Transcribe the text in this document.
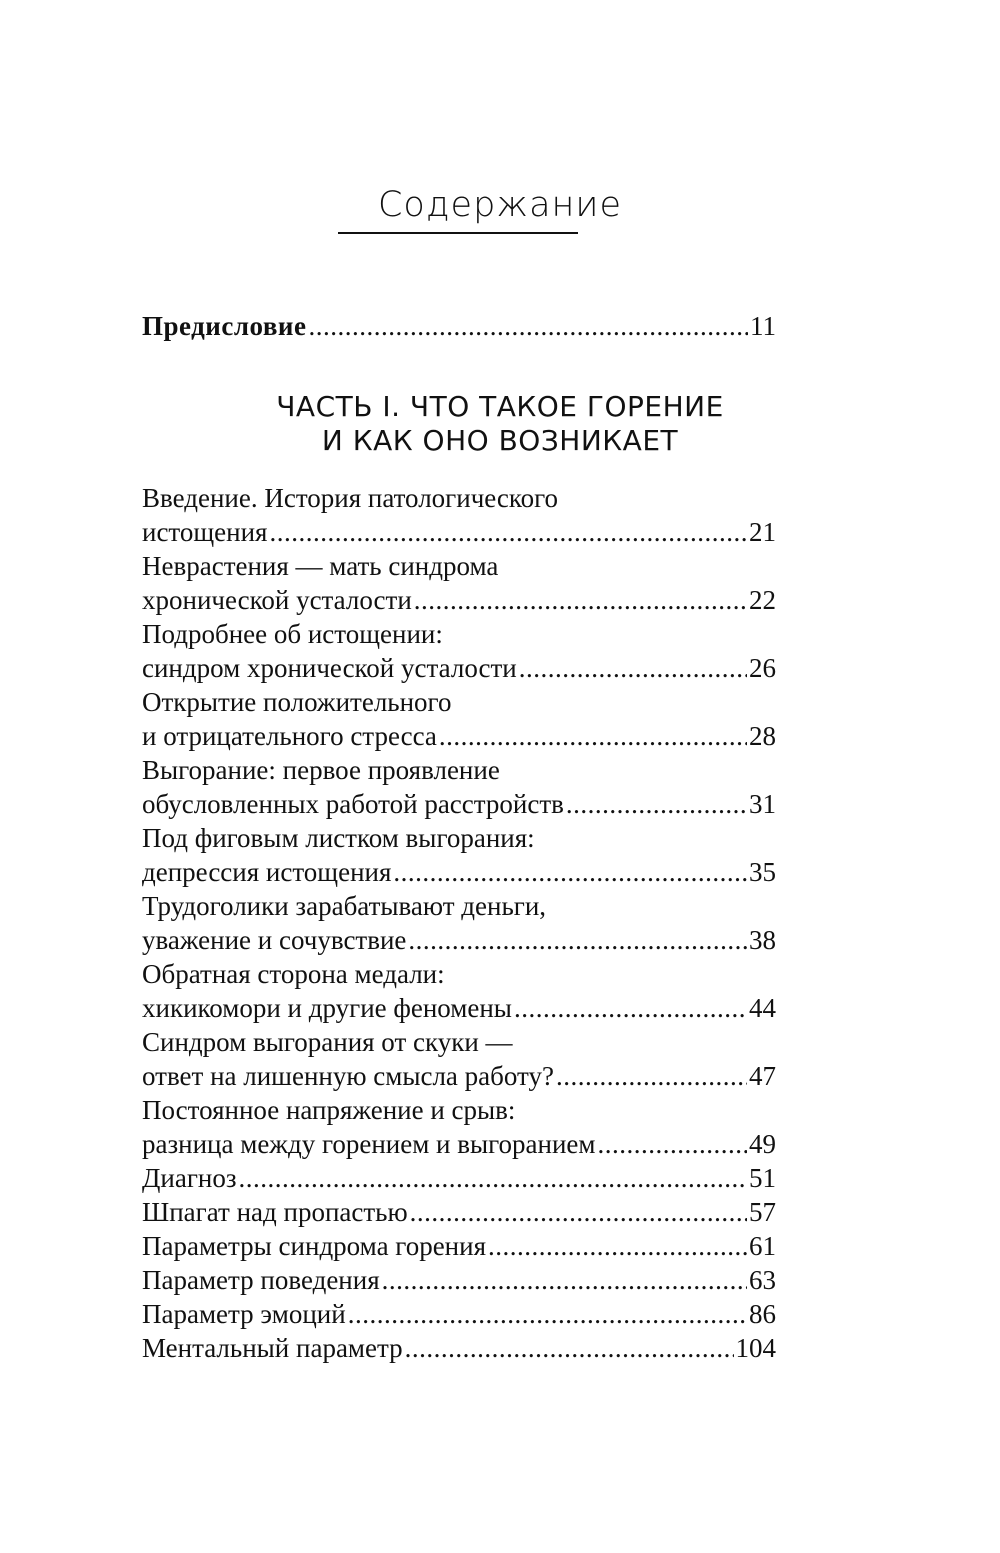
Содержание
Предисловие .....	11
ЧАСТЬ I. ЧТО ТАКОЕ ГОРЕНИЕ
И КАК ОНО ВОЗНИКАЕТ
Введение. История патологического
истощения .....	21
Неврастения — мать синдрома
хронической усталости .....	22
Подробнее об истощении:
синдром хронической усталости .....	26
Открытие положительного
и отрицательного стресса .....	28
Выгорание: первое проявление
обусловленных работой расстройств .....	31
Под фиговым листком выгорания:
депрессия истощения .....	35
Трудоголики зарабатывают деньги,
уважение и сочувствие .....	38
Обратная сторона медали:
хикикомори и другие феномены .....	44
Синдром выгорания от скуки —
ответ на лишенную смысла работу? .....	47
Постоянное напряжение и срыв:
разница между горением и выгоранием .....	49
Диагноз .....	51
Шпагат над пропастью .....	57
Параметры синдрома горения .....	61
Параметр поведения .....	63
Параметр эмоций .....	86
Ментальный параметр .....	104
